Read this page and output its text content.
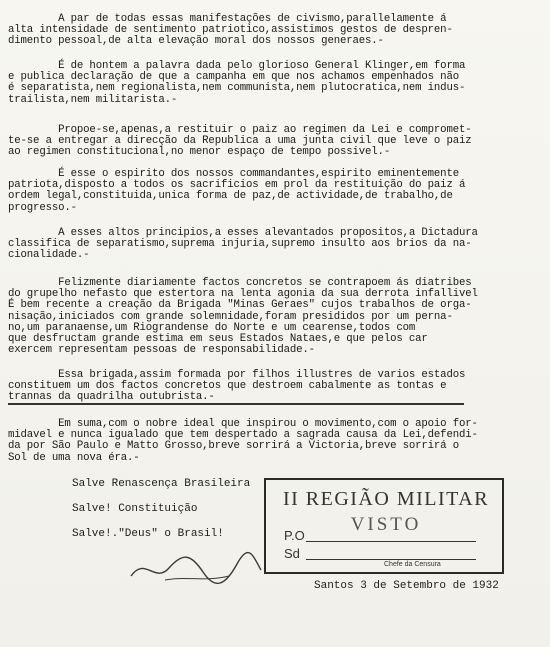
A par de todas essas manifestações de civismo,parallelamente á
alta intensidade de sentimento patriotico,assistimos gestos de despren-
dimento pessoal,de alta elevação moral dos nossos generaes.-
É de hontem a palavra dada pelo glorioso General Klinger,em forma
e publica declaração de que a campanha em que nos achamos empenhados não
é separatista,nem regionalista,nem communista,nem plutocratica,nem indus-
trailista,nem militarista.-
Propoe-se,apenas,a restituir o paiz ao regimen da Lei e compromet-
te-se a entregar a direcção da Republica a uma junta civil que leve o paiz
ao regimen constitucional,no menor espaço de tempo possivel.-
É esse o espirito dos nossos commandantes,espirito eminentemente
patriota,disposto a todos os sacrificios em prol da restituição do paiz á
ordem legal,constituida,unica forma de paz,de actividade,de trabalho,de
progresso.-
A esses altos principios,a esses alevantados propositos,a Dictadura
classifica de separatismo,suprema injuria,supremo insulto aos brios da na-
cionalidade.-
Felizmente diariamente factos concretos se contrapoem ás diatribes
do grupelho nefasto que estertora na lenta agonia da sua derrota infallivel
É bem recente a creação da Brigada "Minas Geraes" cujos trabalhos de orga-
nisação,iniciados com grande solemnidade,foram presididos por um perna-
no,um paranaense,um Riograndense do Norte e um cearense,todos com
que desfructam grande estima em seus Estados Nataes,e que pelos car
exercem representam pessoas de responsabilidade.-
Essa brigada,assim formada por filhos illustres de varios estados
constituem um dos factos concretos que destroem cabalmente as tontas e
trannas da quadrilha outubrista.-
Em suma,com o nobre ideal que inspirou o movimento,com o apoio for-
midavel e nunca igualado que tem despertado a sagrada causa da Lei,defendi-
da por São Paulo e Matto Grosso,breve sorrirá a Victoria,breve sorrirá o
Sol de uma nova éra.-
Salve Renascença Brasileira
Salve! Constituição
Salve!."Deus" o Brasil!
II REGIÃO MILITAR
VISTO
P.O
Sd
Chefe da Censura
Santos 3 de Setembro de 1932
